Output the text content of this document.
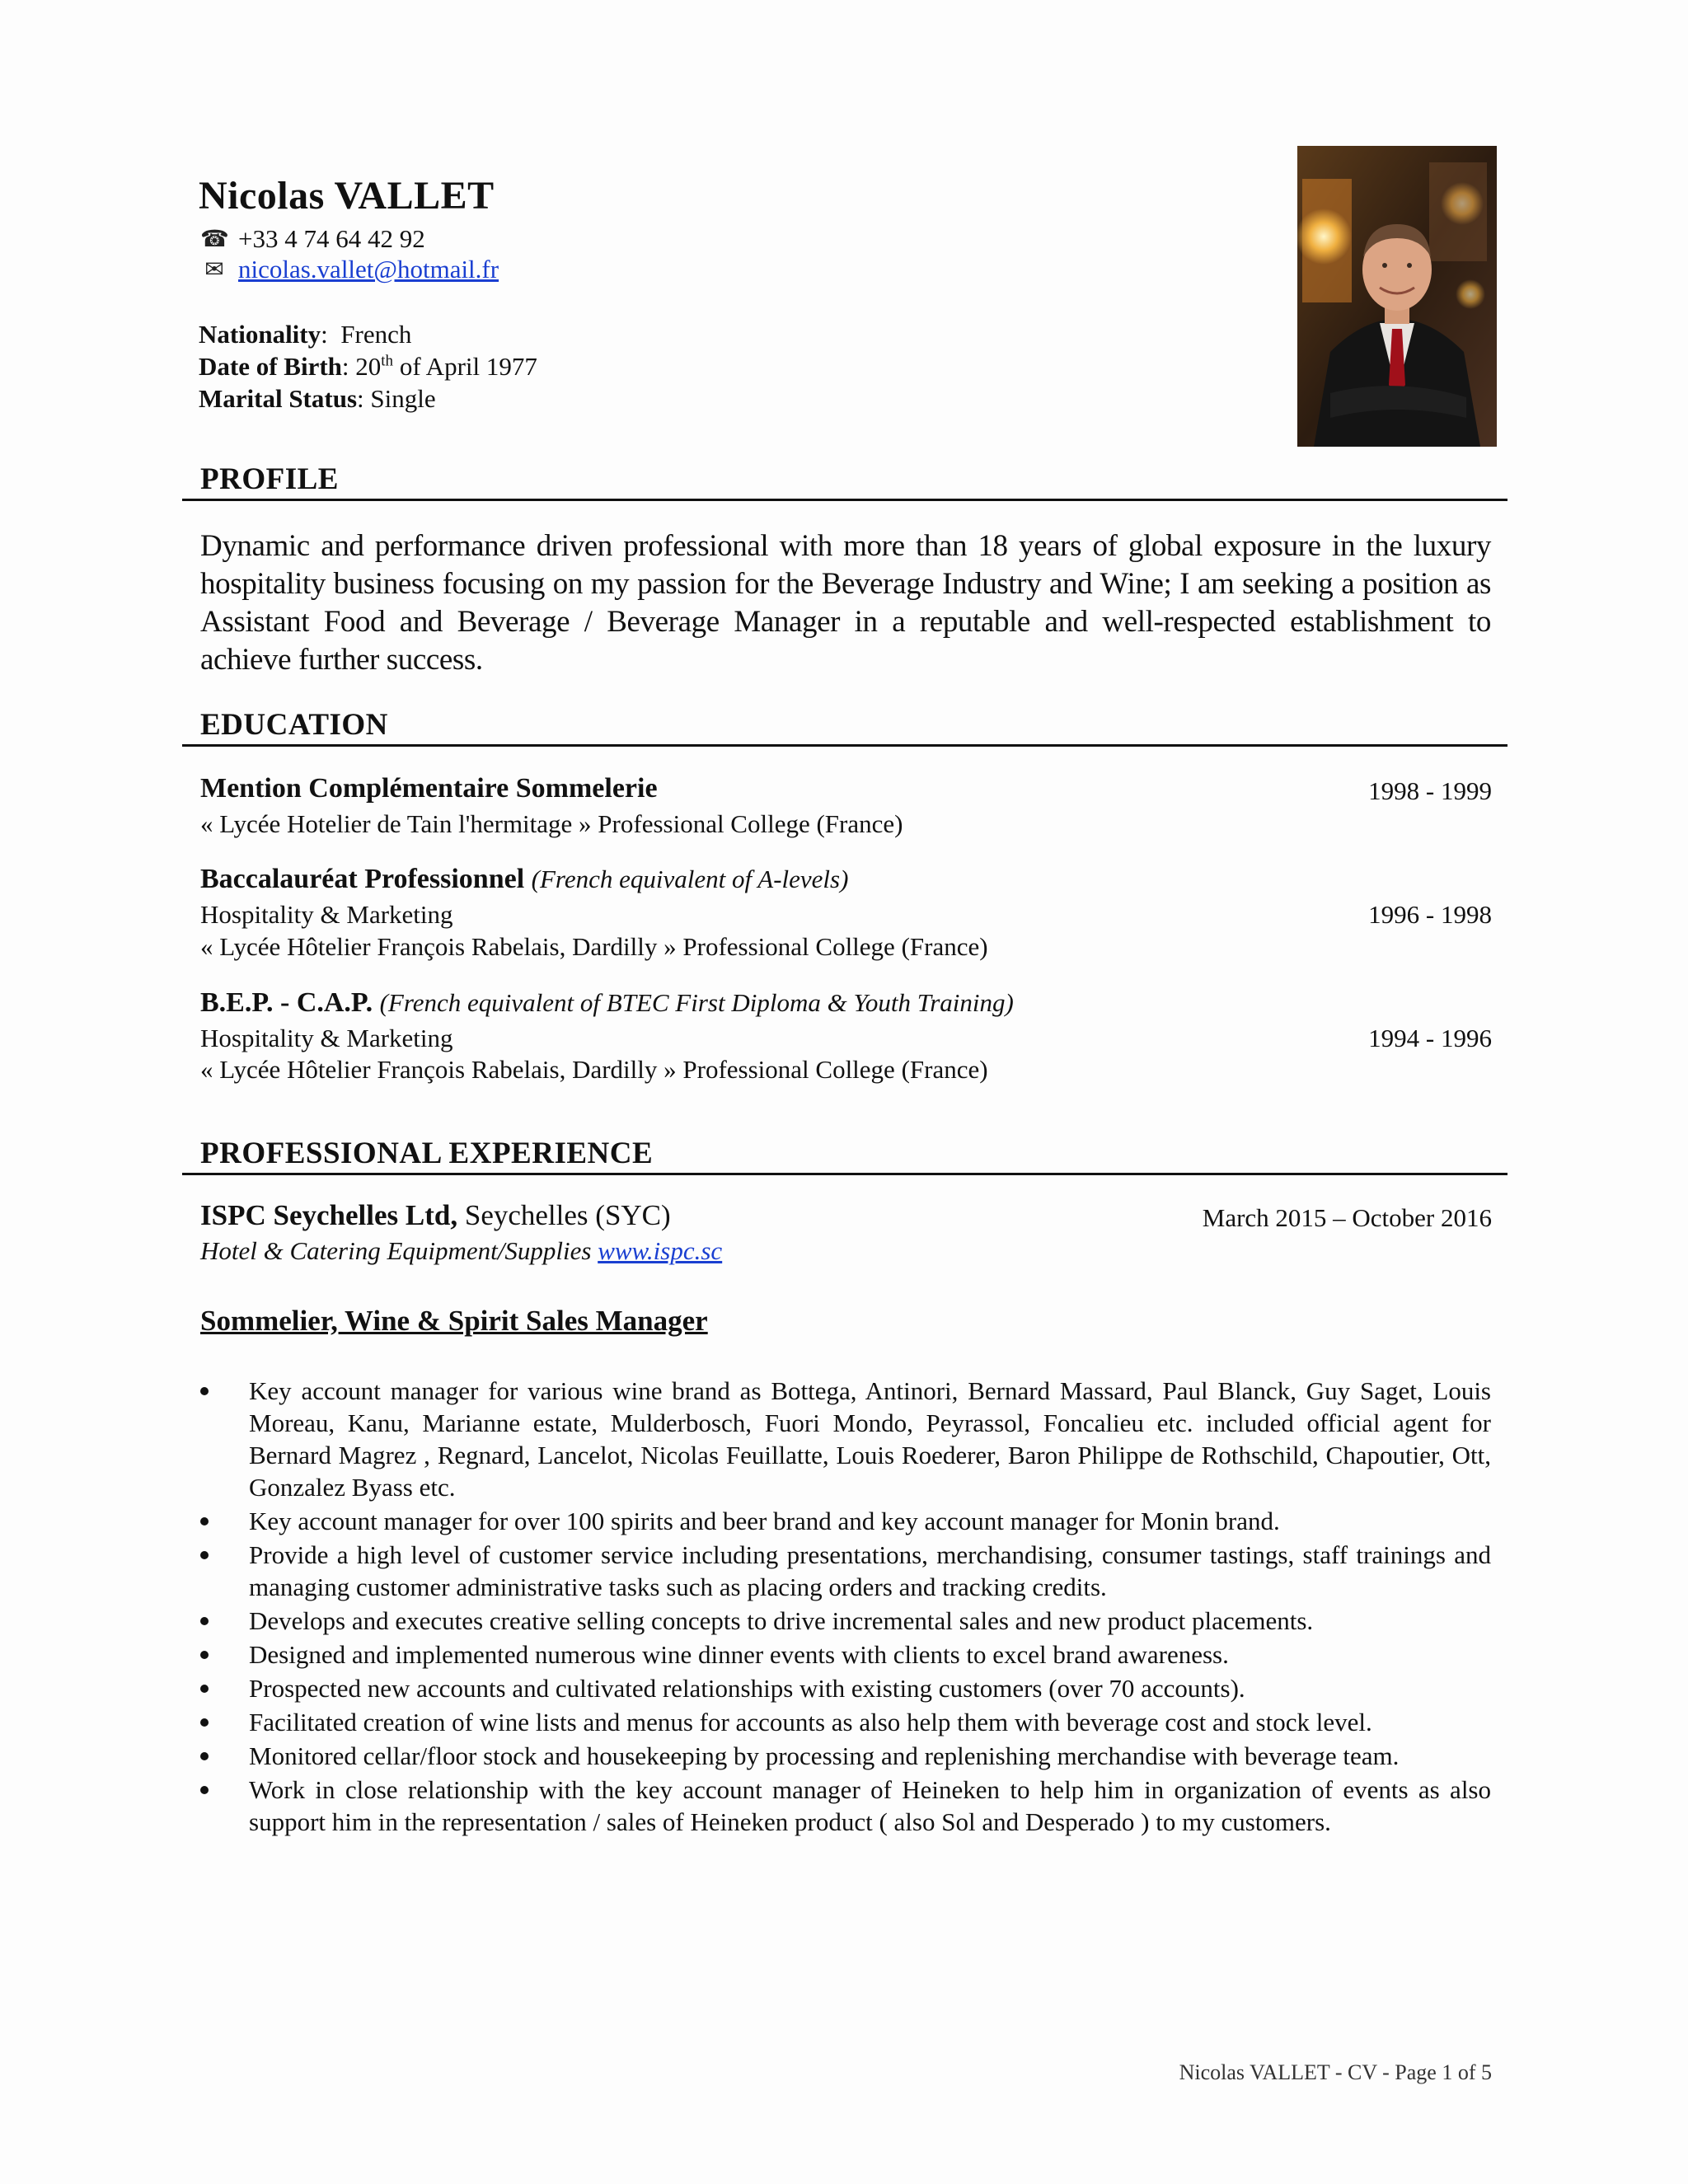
Nicolas VALLET
☎ +33 4 74 64 42 92
✉ nicolas.vallet@hotmail.fr
Nationality:  French
Date of Birth: 20th of April 1977
Marital Status: Single
PROFILE
Dynamic and performance driven professional with more than 18 years of global exposure in the luxury hospitality business focusing on my passion for the Beverage Industry and Wine; I am seeking a position as Assistant Food and Beverage / Beverage Manager in a reputable and well-respected establishment to achieve further success.
EDUCATION
Mention Complémentaire Sommelerie	1998 - 1999
« Lycée Hotelier de Tain l'hermitage » Professional College (France)
Baccalauréat Professionnel (French equivalent of A-levels)
Hospitality & Marketing	1996 - 1998
« Lycée Hôtelier François Rabelais, Dardilly » Professional College (France)
B.E.P. - C.A.P. (French equivalent of BTEC First Diploma & Youth Training)
Hospitality & Marketing	1994 - 1996
« Lycée Hôtelier François Rabelais, Dardilly » Professional College (France)
PROFESSIONAL EXPERIENCE
ISPC Seychelles Ltd, Seychelles (SYC)	March 2015 – October 2016
Hotel & Catering Equipment/Supplies www.ispc.sc
Sommelier, Wine & Spirit Sales Manager
Key account manager for various wine brand as Bottega, Antinori, Bernard Massard, Paul Blanck, Guy Saget, Louis Moreau, Kanu, Marianne estate, Mulderbosch, Fuori Mondo, Peyrassol, Foncalieu etc. included official agent for Bernard Magrez , Regnard, Lancelot, Nicolas Feuillatte, Louis Roederer, Baron Philippe de Rothschild, Chapoutier, Ott, Gonzalez Byass etc.
Key account manager for over 100 spirits and beer brand and key account manager for Monin brand.
Provide a high level of customer service including presentations, merchandising, consumer tastings, staff trainings and managing customer administrative tasks such as placing orders and tracking credits.
Develops and executes creative selling concepts to drive incremental sales and new product placements.
Designed and implemented numerous wine dinner events with clients to excel brand awareness.
Prospected new accounts and cultivated relationships with existing customers (over 70 accounts).
Facilitated creation of wine lists and menus for accounts as also help them with beverage cost and stock level.
Monitored cellar/floor stock and housekeeping by processing and replenishing merchandise with beverage team.
Work in close relationship with the key account manager of Heineken to help him in organization of events as also support him in the representation / sales of Heineken product ( also Sol and Desperado ) to my customers.
Nicolas VALLET - CV - Page 1 of 5
